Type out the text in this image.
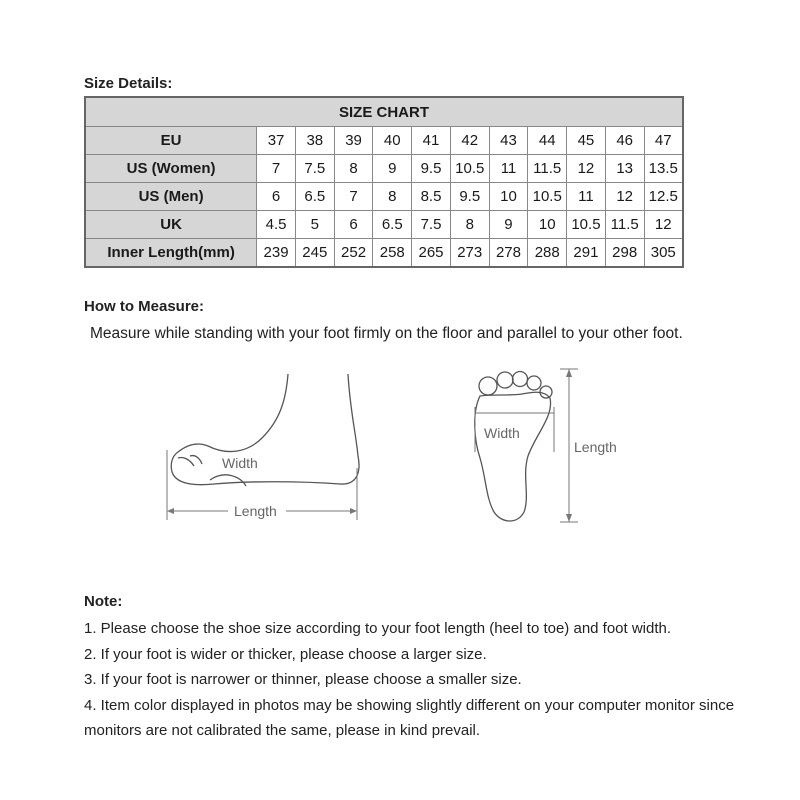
Size Details:
SIZE CHART											
EU	37	38	39	40	41	42	43	44	45	46	47
US (Women)	7	7.5	8	9	9.5	10.5	11	11.5	12	13	13.5
US (Men)	6	6.5	7	8	8.5	9.5	10	10.5	11	12	12.5
UK	4.5	5	6	6.5	7.5	8	9	10	10.5	11.5	12
Inner Length(mm)	239	245	252	258	265	273	278	288	291	298	305
How to Measure:
Measure while standing with your foot firmly on the floor and parallel to your other foot.
Width
Length
Width
Length
Note:

1. Please choose the shoe size according to your foot length (heel to toe) and foot width.

2. If your foot is wider or thicker, please choose a larger size.

3. If your foot is narrower or thinner, please choose a smaller size.

4. Item color displayed in photos may be showing slightly different on your computer monitor since monitors are not calibrated the same, please in kind prevail.
